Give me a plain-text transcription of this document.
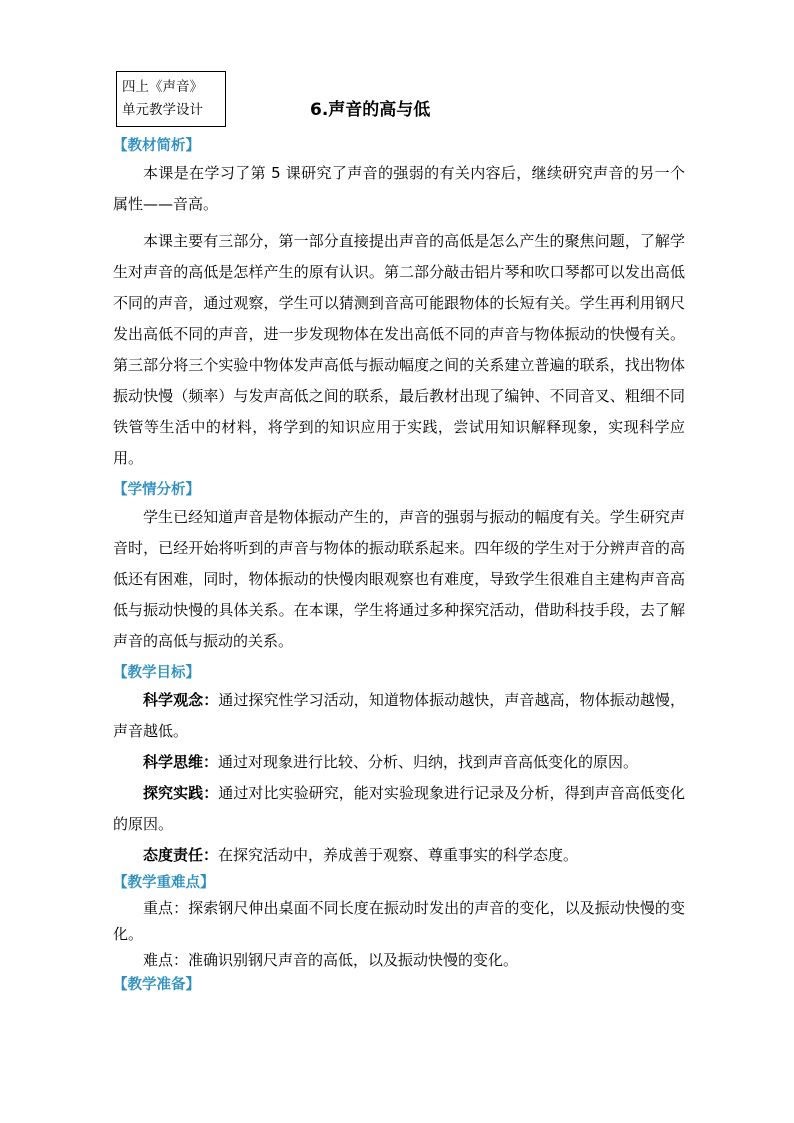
四上《声音》
单元教学设计	6.声音的高与低
【教材简析】

本课是在学习了第 5 课研究了声音的强弱的有关内容后，继续研究声音的另一个属性——音高。

本课主要有三部分，第一部分直接提出声音的高低是怎么产生的聚焦问题，了解学生对声音的高低是怎样产生的原有认识。第二部分敲击铝片琴和吹口琴都可以发出高低不同的声音，通过观察，学生可以猜测到音高可能跟物体的长短有关。学生再利用钢尺发出高低不同的声音，进一步发现物体在发出高低不同的声音与物体振动的快慢有关。第三部分将三个实验中物体发声高低与振动幅度之间的关系建立普遍的联系，找出物体振动快慢（频率）与发声高低之间的联系，最后教材出现了编钟、不同音叉、粗细不同铁管等生活中的材料，将学到的知识应用于实践，尝试用知识解释现象，实现科学应用。

【学情分析】

学生已经知道声音是物体振动产生的，声音的强弱与振动的幅度有关。学生研究声音时，已经开始将听到的声音与物体的振动联系起来。四年级的学生对于分辨声音的高低还有困难，同时，物体振动的快慢肉眼观察也有难度，导致学生很难自主建构声音高低与振动快慢的具体关系。在本课，学生将通过多种探究活动，借助科技手段，去了解声音的高低与振动的关系。

【教学目标】

科学观念：通过探究性学习活动，知道物体振动越快，声音越高，物体振动越慢，声音越低。

科学思维：通过对现象进行比较、分析、归纳，找到声音高低变化的原因。

探究实践：通过对比实验研究，能对实验现象进行记录及分析，得到声音高低变化的原因。

态度责任：在探究活动中，养成善于观察、尊重事实的科学态度。

【教学重难点】

重点：探索钢尺伸出桌面不同长度在振动时发出的声音的变化，以及振动快慢的变化。

难点：准确识别钢尺声音的高低，以及振动快慢的变化。

【教学准备】
